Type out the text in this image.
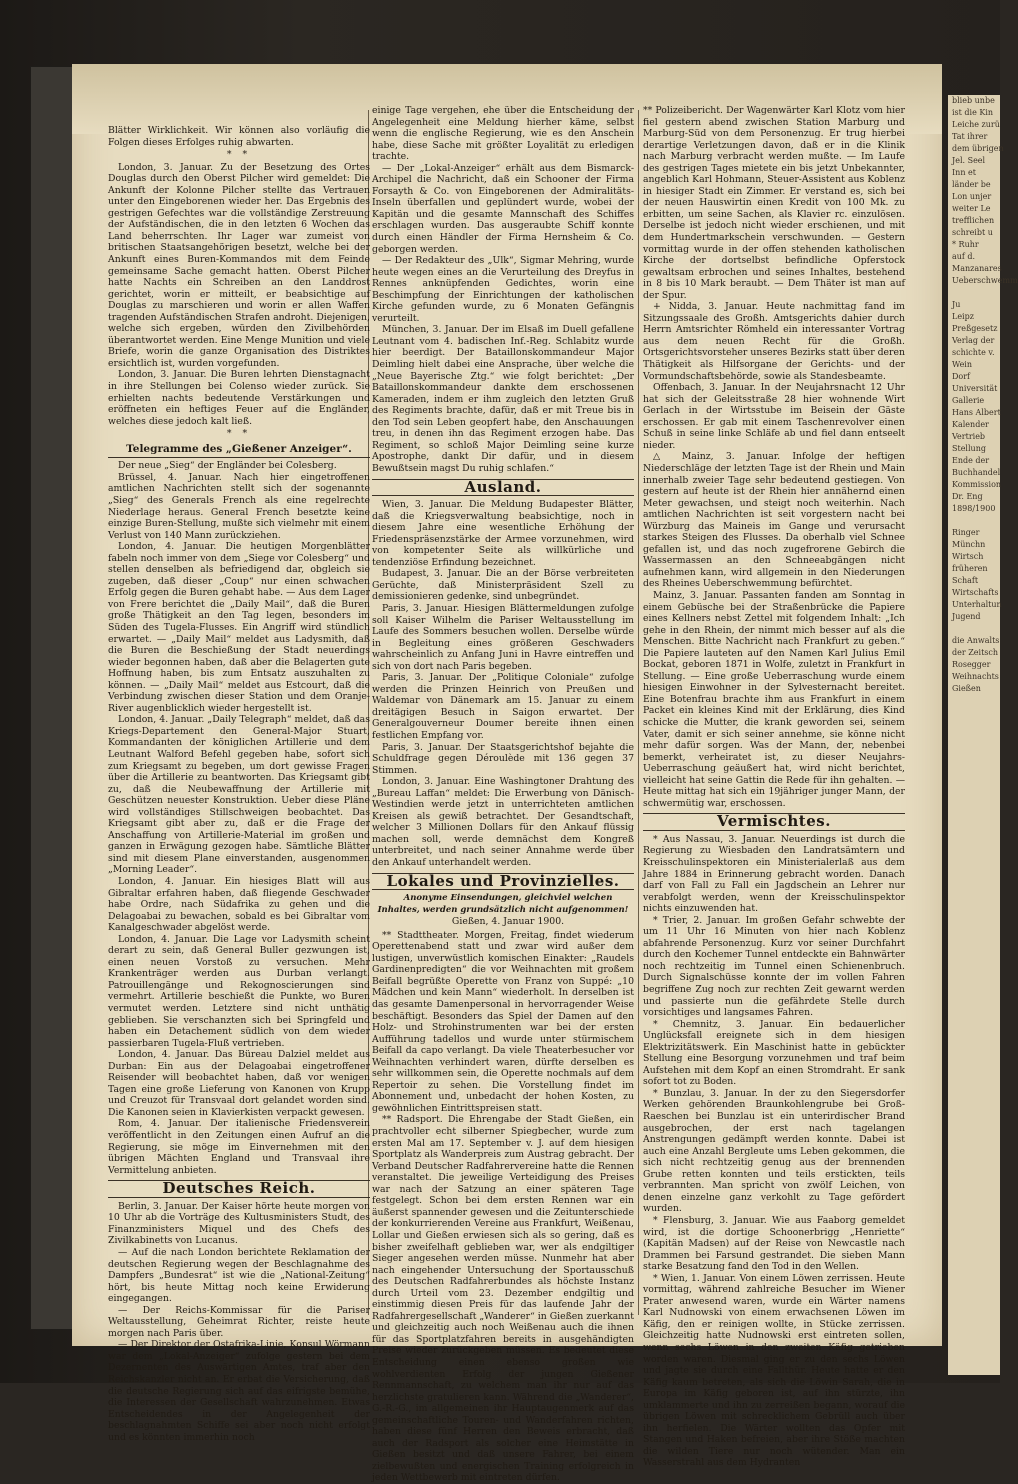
blieb unbe
ist die Kin
Leiche zurü
Tat ihrer
dem übrigen
Jel. Seel
Inn et
länder be
Lon unjer
weiter Le
trefflichen
schreibt u
* Ruhr
auf d.
Manzanares
Ueberschwemm

Ju
Leipz
Preßgesetz
Verlag der
schichte v.
Wein
Dorf
Universität
Gallerie
Hans Albert
Kalender
Vertrieb
Stellung
Ende der
Buchhandel
Kommission
Dr. Eng
1898/1900

Ringer
Münchn
Wirtsch
früheren
Schaft
Wirtschafts
Unterhaltun
Jugend

die Anwalts
der Zeitsch
Rosegger
Weihnachts
Gießen

Blätter Wirklichkeit. Wir können also vorläufig die Folgen dieses Erfolges ruhig abwarten.

* *

London, 3. Januar. Zu der Besetzung des Ortes Douglas durch den Oberst Pilcher wird gemeldet: Die Ankunft der Kolonne Pilcher stellte das Vertrauen unter den Eingeborenen wieder her. Das Ergebnis des gestrigen Gefechtes war die vollständige Zerstreuung der Aufständischen, die in den letzten 6 Wochen das Land beherrschten. Ihr Lager war zumeist von britischen Staatsangehörigen besetzt, welche bei der Ankunft eines Buren-Kommandos mit dem Feinde gemeinsame Sache gemacht hatten. Oberst Pilcher hatte Nachts ein Schreiben an den Landdrost gerichtet, worin er mitteilt, er beabsichtige auf Douglas zu marschieren und worin er allen Waffen tragenden Aufständischen Strafen androht. Diejenigen, welche sich ergeben, würden den Zivilbehörden überantwortet werden. Eine Menge Munition und viele Briefe, worin die ganze Organisation des Distriktes ersichtlich ist, wurden vorgefunden.

London, 3. Januar. Die Buren lehrten Dienstagnacht in ihre Stellungen bei Colenso wieder zurück. Sie erhielten nachts bedeutende Verstärkungen und eröffneten ein heftiges Feuer auf die Engländer, welches diese jedoch kalt ließ.

* *

Telegramme des „Gießener Anzeiger“.

Der neue „Sieg“ der Engländer bei Colesberg.

Brüssel, 4. Januar. Nach hier eingetroffenen amtlichen Nachrichten stellt sich der sogenannte „Sieg“ des Generals French als eine regelrechte Niederlage heraus. General French besetzte keine einzige Buren-Stellung, mußte sich vielmehr mit einem Verlust von 140 Mann zurückziehen.

London, 4. Januar. Die heutigen Morgenblätter fabeln noch immer von dem „Siege vor Colesberg“ und stellen denselben als befriedigend dar, obgleich sie zugeben, daß dieser „Coup“ nur einen schwachen Erfolg gegen die Buren gehabt habe. — Aus dem Lager von Frere berichtet die „Daily Mail“, daß die Buren große Thätigkeit an den Tag legen, besonders im Süden des Tugela-Flusses. Ein Angriff wird stündlich erwartet. — „Daily Mail“ meldet aus Ladysmith, daß die Buren die Beschießung der Stadt neuerdings wieder begonnen haben, daß aber die Belagerten gute Hoffnung haben, bis zum Entsatz auszuhalten zu können. — „Daily Mail“ meldet aus Estcourt, daß die Verbindung zwischen dieser Station und dem Oranje-River augenblicklich wieder hergestellt ist.

London, 4. Januar. „Daily Telegraph“ meldet, daß das Kriegs-Departement den General-Major Stuart, Kommandanten der königlichen Artillerie und dem Leutnant Walford Befehl gegeben habe, sofort sich zum Kriegsamt zu begeben, um dort gewisse Fragen über die Artillerie zu beantworten. Das Kriegsamt gibt zu, daß die Neubewaffnung der Artillerie mit Geschützen neuester Konstruktion. Ueber diese Pläne wird vollständiges Stillschweigen beobachtet. Das Kriegsamt gibt aber zu, daß er die Frage der Anschaffung von Artillerie-Material im großen und ganzen in Erwägung gezogen habe. Sämtliche Blätter sind mit diesem Plane einverstanden, ausgenommen „Morning Leader“.

London, 4. Januar. Ein hiesiges Blatt will aus Gibraltar erfahren haben, daß fliegende Geschwader habe Ordre, nach Südafrika zu gehen und die Delagoabai zu bewachen, sobald es bei Gibraltar vom Kanalgeschwader abgelöst werde.

London, 4. Januar. Die Lage vor Ladysmith scheint derart zu sein, daß General Buller gezwungen ist, einen neuen Vorstoß zu versuchen. Mehr Krankenträger werden aus Durban verlangt. Patrouillengänge und Rekognoscierungen sind vermehrt. Artillerie beschießt die Punkte, wo Buren vermutet werden. Letztere sind nicht unthätig geblieben. Sie verschanzten sich bei Springfeld und haben ein Detachement südlich von dem wieder passierbaren Tugela-Fluß vertrieben.

London, 4. Januar. Das Büreau Dalziel meldet aus Durban: Ein aus der Delagoabai eingetroffener Reisender will beobachtet haben, daß vor wenigen Tagen eine große Lieferung von Kanonen von Krupp und Creuzot für Transvaal dort gelandet worden sind. Die Kanonen seien in Klavierkisten verpackt gewesen.

Rom, 4. Januar. Der italienische Friedensverein veröffentlicht in den Zeitungen einen Aufruf an die Regierung, sie möge im Einvernehmen mit den übrigen Mächten England und Transvaal ihre Vermittelung anbieten.

Deutsches Reich.

Berlin, 3. Januar. Der Kaiser hörte heute morgen von 10 Uhr ab die Vorträge des Kultusministers Studt, des Finanzministers Miquel und des Chefs des Zivilkabinetts von Lucanus.

— Auf die nach London berichtete Reklamation der deutschen Regierung wegen der Beschlagnahme des Dampfers „Bundesrat“ ist wie die „National-Zeitung“ hört, bis heute Mittag noch keine Erwiderung eingegangen.

— Der Reichs-Kommissar für die Pariser Weltausstellung, Geheimrat Richter, reiste heute morgen nach Paris über.

— Der Direktor der Ostafrika-Linie, Konsul Wörmann war dem „Lokal-Anzeiger“ zufolge gestern bei dem Dezernenten des Auswärtigen Amtes, traf aber den Reichskanzler nicht an. Er erbat die Versicherung, daß die deutsche Regierung sich auf das eifrigste bemühe, die Interessen der Gesellschaft wahrzunehmen. Etwas Entscheidendes in der Angelegenheit der beschlagnahmten Schiffe sei aber noch nicht erfolgt und es könnten immerhin noch

einige Tage vergehen, ehe über die Entscheidung der Angelegenheit eine Meldung hierher käme, selbst wenn die englische Regierung, wie es den Anschein habe, diese Sache mit größter Loyalität zu erledigen trachte.

— Der „Lokal-Anzeiger“ erhält aus dem Bismarck-Archipel die Nachricht, daß ein Schooner der Firma Forsayth & Co. von Eingeborenen der Admiralitäts-Inseln überfallen und geplündert wurde, wobei der Kapitän und die gesamte Mannschaft des Schiffes erschlagen wurden. Das ausgeraubte Schiff konnte durch einen Händler der Firma Hernsheim & Co. geborgen werden.

— Der Redakteur des „Ulk“, Sigmar Mehring, wurde heute wegen eines an die Verurteilung des Dreyfus in Rennes anknüpfenden Gedichtes, worin eine Beschimpfung der Einrichtungen der katholischen Kirche gefunden wurde, zu 6 Monaten Gefängnis verurteilt.

München, 3. Januar. Der im Elsaß im Duell gefallene Leutnant vom 4. badischen Inf.-Reg. Schlabitz wurde hier beerdigt. Der Bataillonskommandeur Major Deimling hielt dabei eine Ansprache, über welche die „Neue Bayerische Ztg.“ wie folgt berichtet: „Der Bataillonskommandeur dankte dem erschossenen Kameraden, indem er ihm zugleich den letzten Gruß des Regiments brachte, dafür, daß er mit Treue bis in den Tod sein Leben geopfert habe, den Anschauungen treu, in denen ihn das Regiment erzogen habe. Das Regiment, so schloß Major Deimling seine kurze Apostrophe, dankt Dir dafür, und in diesem Bewußtsein magst Du ruhig schlafen.“

Ausland.

Wien, 3. Januar. Die Meldung Budapester Blätter, daß die Kriegsverwaltung beabsichtige, noch in diesem Jahre eine wesentliche Erhöhung der Friedenspräsenzstärke der Armee vorzunehmen, wird von kompetenter Seite als willkürliche und tendenziöse Erfindung bezeichnet.

Budapest, 3. Januar. Die an der Börse verbreiteten Gerüchte, daß Ministerpräsident Szell zu demissionieren gedenke, sind unbegründet.

Paris, 3. Januar. Hiesigen Blättermeldungen zufolge soll Kaiser Wilhelm die Pariser Weltausstellung im Laufe des Sommers besuchen wollen. Derselbe würde in Begleitung eines größeren Geschwaders wahrscheinlich zu Anfang Juni in Havre eintreffen und sich von dort nach Paris begeben.

Paris, 3. Januar. Der „Politique Coloniale“ zufolge werden die Prinzen Heinrich von Preußen und Waldemar von Dänemark am 15. Januar zu einem dreitägigen Besuch in Saigon erwartet. Der Generalgouverneur Doumer bereite ihnen einen festlichen Empfang vor.

Paris, 3. Januar. Der Staatsgerichtshof bejahte die Schuldfrage gegen Déroulède mit 136 gegen 37 Stimmen.

London, 3. Januar. Eine Washingtoner Drahtung des „Bureau Laffan“ meldet: Die Erwerbung von Dänisch-Westindien werde jetzt in unterrichteten amtlichen Kreisen als gewiß betrachtet. Der Gesandtschaft, welcher 3 Millionen Dollars für den Ankauf flüssig machen soll, werde demnächst dem Kongreß unterbreitet, und nach seiner Annahme werde über den Ankauf unterhandelt werden.

Lokales und Provinzielles.

Anonyme Einsendungen, gleichviel welchen Inhaltes, werden grundsätzlich nicht aufgenommen!

Gießen, 4. Januar 1900.

** Stadttheater. Morgen, Freitag, findet wiederum Operettenabend statt und zwar wird außer dem lustigen, unverwüstlich komischen Einakter: „Raudels Gardinenpredigten“ die vor Weihnachten mit großem Beifall begrüßte Operette von Franz von Suppé: „10 Mädchen und kein Mann“ wiederholt. In derselben ist das gesamte Damenpersonal in hervorragender Weise beschäftigt. Besonders das Spiel der Damen auf den Holz- und Strohinstrumenten war bei der ersten Aufführung tadellos und wurde unter stürmischem Beifall da capo verlangt. Da viele Theaterbesucher vor Weihnachten verhindert waren, dürfte derselben es sehr willkommen sein, die Operette nochmals auf dem Repertoir zu sehen. Die Vorstellung findet im Abonnement und, unbedacht der hohen Kosten, zu gewöhnlichen Eintrittspreisen statt.

** Radsport. Die Ehrengabe der Stadt Gießen, ein prachtvoller echt silberner Spiegbecher, wurde zum ersten Mal am 17. September v. J. auf dem hiesigen Sportplatz als Wanderpreis zum Austrag gebracht. Der Verband Deutscher Radfahrervereine hatte die Rennen veranstaltet. Die jeweilige Verteidigung des Preises war nach der Satzung an einer späteren Tage festgelegt. Schon bei dem ersten Rennen war ein äußerst spannender gewesen und die Zeitunterschiede der konkurrierenden Vereine aus Frankfurt, Weißenau, Lollar und Gießen erwiesen sich als so gering, daß es bisher zweifelhaft geblieben war, wer als endgiltiger Sieger angesehen werden müsse. Nunmehr hat aber nach eingehender Untersuchung der Sportausschuß des Deutschen Radfahrerbundes als höchste Instanz durch Urteil vom 23. Dezember endgiltig und einstimmig diesen Preis für das laufende Jahr der Radfahrergesellschaft „Wanderer“ in Gießen zuerkannt und gleichzeitig auch noch Weißenau auch die ihnen für das Sportplatzfahren bereits in ausgehändigten Preise wieder zurückgeben müssen. Es bedeutet diese Entscheidung einen ebenso großen wie wohlverdienten Erfolg der jungen Gießener Rennmannschaft, zu welchem man ihr nur auf das herzlichste gratulieren kann. Während die „Wanderer“, G.-R.-G., im allgemeinen ihr Hauptaugenmerk auf das gemeinschaftliche Touren- und Wanderfahren richten, haben diese fünf Herren den Beweis erbracht, daß auch der Radsport als solcher eine Heimstätte in Gießen besitzt und daß unsere Fahrer, bei einem zielbewußten und energischen Training erfolgreich in jeden Wettbewerb mit eintreten dürfen.

** Polizeibericht. Der Wagenwärter Karl Klotz vom hier fiel gestern abend zwischen Station Marburg und Marburg-Süd von dem Personenzug. Er trug hierbei derartige Verletzungen davon, daß er in die Klinik nach Marburg verbracht werden mußte. — Im Laufe des gestrigen Tages mietete ein bis jetzt Unbekannter, angeblich Karl Hohmann, Steuer-Assistent aus Koblenz in hiesiger Stadt ein Zimmer. Er verstand es, sich bei der neuen Hauswirtin einen Kredit von 100 Mk. zu erbitten, um seine Sachen, als Klavier rc. einzulösen. Derselbe ist jedoch nicht wieder erschienen, und mit dem Hundertmarkschein verschwunden. — Gestern vormittag wurde in der offen stehenden katholischen Kirche der dortselbst befindliche Opferstock gewaltsam erbrochen und seines Inhaltes, bestehend in 8 bis 10 Mark beraubt. — Dem Thäter ist man auf der Spur.

+ Nidda, 3. Januar. Heute nachmittag fand im Sitzungssaale des Großh. Amtsgerichts dahier durch Herrn Amtsrichter Römheld ein interessanter Vortrag aus dem neuen Recht für die Großh. Ortsgerichtsvorsteher unseres Bezirks statt über deren Thätigkeit als Hilfsorgane der Gerichts- und der Vormundschaftsbehörde, sowie als Standesbeamte.

Offenbach, 3. Januar. In der Neujahrsnacht 12 Uhr hat sich der Geleitsstraße 28 hier wohnende Wirt Gerlach in der Wirtsstube im Beisein der Gäste erschossen. Er gab mit einem Taschenrevolver einen Schuß in seine linke Schläfe ab und fiel dann entseelt nieder.

△ Mainz, 3. Januar. Infolge der heftigen Niederschläge der letzten Tage ist der Rhein und Main innerhalb zweier Tage sehr bedeutend gestiegen. Von gestern auf heute ist der Rhein hier annähernd einen Meter gewachsen, und steigt noch weiterhin. Nach amtlichen Nachrichten ist seit vorgestern nacht bei Würzburg das Maineis im Gange und verursacht starkes Steigen des Flusses. Da oberhalb viel Schnee gefallen ist, und das noch zugefrorene Gebirch die Wassermassen an den Schneeabgängen nicht aufnehmen kann, wird allgemein in den Niederungen des Rheines Ueberschwemmung befürchtet.

Mainz, 3. Januar. Passanten fanden am Sonntag in einem Gebüsche bei der Straßenbrücke die Papiere eines Kellners nebst Zettel mit folgendem Inhalt: „Ich gehe in den Rhein, der nimmt mich besser auf als die Menschen. Bitte Nachricht nach Frankfurt zu geben.“ Die Papiere lauteten auf den Namen Karl Julius Emil Bockat, geboren 1871 in Wolfe, zuletzt in Frankfurt in Stellung. — Eine große Ueberraschung wurde einem hiesigen Einwohner in der Sylvesternacht bereitet. Eine Botenfrau brachte ihm aus Frankfurt in einem Packet ein kleines Kind mit der Erklärung, dies Kind schicke die Mutter, die krank geworden sei, seinem Vater, damit er sich seiner annehme, sie könne nicht mehr dafür sorgen. Was der Mann, der, nebenbei bemerkt, verheiratet ist, zu dieser Neujahrs-Ueberraschung geäußert hat, wird nicht berichtet, vielleicht hat seine Gattin die Rede für ihn gehalten. — Heute mittag hat sich ein 19jähriger junger Mann, der schwermütig war, erschossen.

Vermischtes.

* Aus Nassau, 3. Januar. Neuerdings ist durch die Regierung zu Wiesbaden den Landratsämtern und Kreisschulinspektoren ein Ministerialerlaß aus dem Jahre 1884 in Erinnerung gebracht worden. Danach darf von Fall zu Fall ein Jagdschein an Lehrer nur verabfolgt werden, wenn der Kreisschulinspektor nichts einzuwenden hat.

* Trier, 2. Januar. Im großen Gefahr schwebte der um 11 Uhr 16 Minuten von hier nach Koblenz abfahrende Personenzug. Kurz vor seiner Durchfahrt durch den Kochemer Tunnel entdeckte ein Bahnwärter noch rechtzeitig im Tunnel einen Schienenbruch. Durch Signalschüsse konnte der im vollen Fahren begriffene Zug noch zur rechten Zeit gewarnt werden und passierte nun die gefährdete Stelle durch vorsichtiges und langsames Fahren.

* Chemnitz, 3. Januar. Ein bedauerlicher Unglücksfall ereignete sich in dem hiesigen Elektrizitätswerk. Ein Maschinist hatte in gebückter Stellung eine Besorgung vorzunehmen und traf beim Aufstehen mit dem Kopf an einen Stromdraht. Er sank sofort tot zu Boden.

* Bunzlau, 3. Januar. In der zu den Siegersdorfer Werken gehörenden Braunkohlengrube bei Groß-Raeschen bei Bunzlau ist ein unterirdischer Brand ausgebrochen, der erst nach tagelangen Anstrengungen gedämpft werden konnte. Dabei ist auch eine Anzahl Bergleute ums Leben gekommen, die sich nicht rechtzeitig genug aus der brennenden Grube retten konnten und teils erstickten, teils verbrannten. Man spricht von zwölf Leichen, von denen einzelne ganz verkohlt zu Tage gefördert wurden.

* Flensburg, 3. Januar. Wie aus Faaborg gemeldet wird, ist die dortige Schoonerbrigg „Henriette“ (Kapitän Madsen) auf der Reise von Newcastle nach Drammen bei Farsund gestrandet. Die sieben Mann starke Besatzung fand den Tod in den Wellen.

* Wien, 1. Januar. Von einem Löwen zerrissen. Heute vormittag, während zahlreiche Besucher im Wiener Prater anwesend waren, wurde ein Wärter namens Karl Nudnowski von einem erwachsenen Löwen im Käfig, den er reinigen wollte, in Stücke zerrissen. Gleichzeitig hatte Nudnowski erst eintreten sollen, wenn sechs Löwen in den zweiten Käfig getrieben worden waren. Diesmal ging er zu den sechs Löwen und jagte sie durch eine Fallthür. Heute hatte er den Käfig kaum betreten, als sich die Löwin Sarah, die in Europa im Käfig geboren ist, auf ihn stürzte, ihn umklammerte und ihn zu zerreißen begann, worauf die übrigen Löwen mit schrecklichem Gebrüll auch über ihn herfielen. Die Wärter wollten das Opfer mit Stangen und Haken befreien, aber ihre Stöße machten die wilden Tiere nur noch wütender. Man ein Wasserstrahl aus dem Hydranten
